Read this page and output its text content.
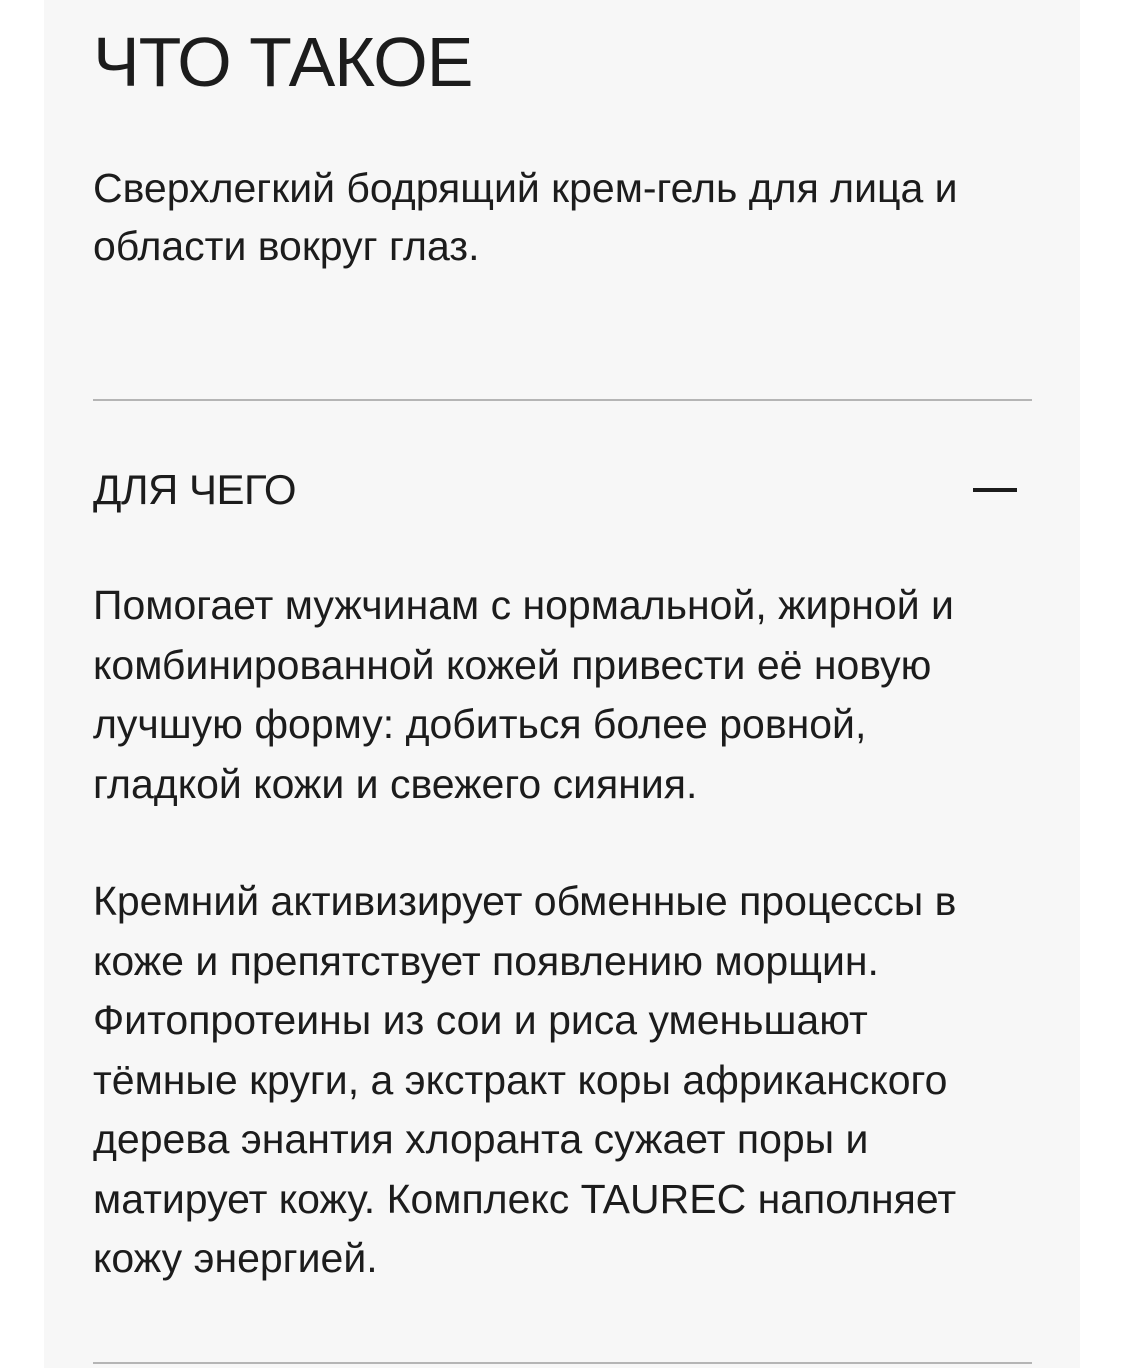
ЧТО ТАКОЕ

Сверхлегкий бодрящий крем-гель для лица и области вокруг глаз.

ДЛЯ ЧЕГО

Помогает мужчинам с нормальной, жирной и комбинированной кожей привести её новую лучшую форму: добиться более ровной, гладкой кожи и свежего сияния.

Кремний активизирует обменные процессы в коже и препятствует появлению морщин. Фитопротеины из сои и риса уменьшают тёмные круги, а экстракт коры африканского дерева энантия хлоранта сужает поры и матирует кожу. Комплекс TAUREC наполняет кожу энергией.
